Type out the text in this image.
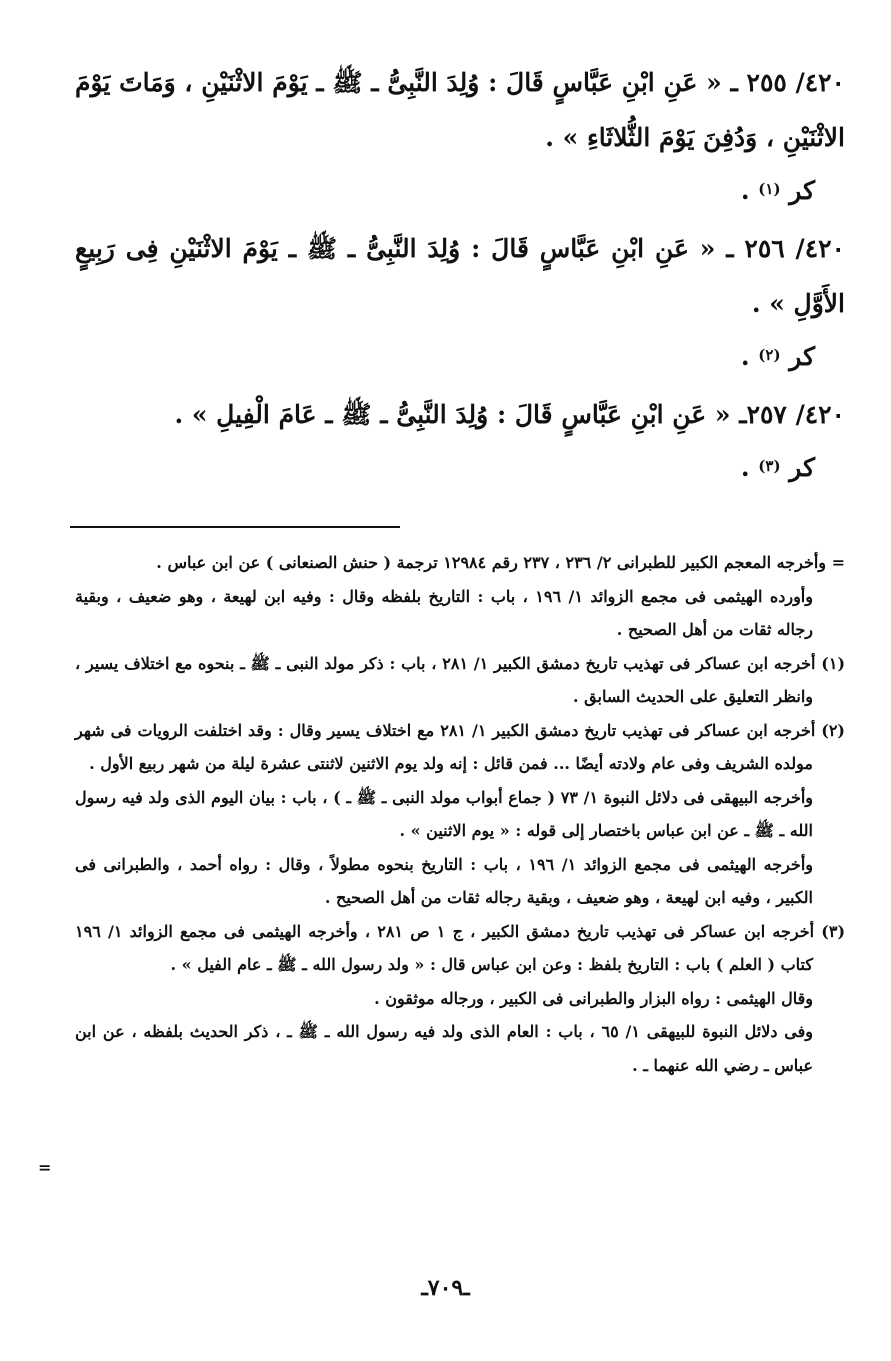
٤٢٠/ ٢٥٥ ـ « عَنِ ابْنِ عَبَّاسٍ قَالَ : وُلِدَ النَّبِىُّ ـ ﷺ ـ يَوْمَ الاثْنَيْنِ ، وَمَاتَ يَوْمَ الاثْنَيْنِ ، وَدُفِنَ يَوْمَ الثُّلاثَاءِ » .

كر $^{(١)}$ .

٤٢٠/ ٢٥٦ ـ « عَنِ ابْنِ عَبَّاسٍ قَالَ : وُلِدَ النَّبِىُّ ـ ﷺ ـ يَوْمَ الاثْنَيْنِ فِى رَبِيعٍ الأَوَّلِ » .

كر $^{(٢)}$ .

٤٢٠/ ٢٥٧ـ « عَنِ ابْنِ عَبَّاسٍ قَالَ : وُلِدَ النَّبِىُّ ـ ﷺ ـ عَامَ الْفِيلِ » .

كر $^{(٣)}$ .

= وأخرجه المعجم الكبير للطبرانى ٢/ ٢٣٦ ، ٢٣٧ رقم ١٢٩٨٤ ترجمة ( حنش الصنعانى ) عن ابن عباس .

وأورده الهيثمى فى مجمع الزوائد ١/ ١٩٦ ، باب : التاريخ بلفظه وقال : وفيه ابن لهيعة ، وهو ضعيف ، وبقية رجاله ثقات من أهل الصحيح .

(١) أخرجه ابن عساكر فى تهذيب تاريخ دمشق الكبير ١/ ٢٨١ ، باب : ذكر مولد النبى ـ ﷺ ـ بنحوه مع اختلاف يسير ، وانظر التعليق على الحديث السابق .

(٢) أخرجه ابن عساكر فى تهذيب تاريخ دمشق الكبير ١/ ٢٨١ مع اختلاف يسير وقال : وقد اختلفت الرويات فى شهر مولده الشريف وفى عام ولادته أيضًا ... فمن قائل : إنه ولد يوم الاثنين لاثنتى عشرة ليلة من شهر ربيع الأول .

وأخرجه البيهقى فى دلائل النبوة ١/ ٧٣ ( جماع أبواب مولد النبى ـ ﷺ ـ ) ، باب : بيان اليوم الذى ولد فيه رسول الله ـ ﷺ ـ عن ابن عباس باختصار إلى قوله : « يوم الاثنين » .

وأخرجه الهيثمى فى مجمع الزوائد ١/ ١٩٦ ، باب : التاريخ بنحوه مطولاً ، وقال : رواه أحمد ، والطبرانى فى الكبير ، وفيه ابن لهيعة ، وهو ضعيف ، وبقية رجاله ثقات من أهل الصحيح .

(٣) أخرجه ابن عساكر فى تهذيب تاريخ دمشق الكبير ، ج ١ ص ٢٨١ ، وأخرجه الهيثمى فى مجمع الزوائد ١/ ١٩٦ كتاب ( العلم ) باب : التاريخ بلفظ : وعن ابن عباس قال : « ولد رسول الله ـ ﷺ ـ عام الفيل » .

وقال الهيثمى : رواه البزار والطبرانى فى الكبير ، ورجاله موثقون .

وفى دلائل النبوة للبيهقى ١/ ٦٥ ، باب : العام الذى ولد فيه رسول الله ـ ﷺ ـ ، ذكر الحديث بلفظه ، عن ابن عباس ـ رضي الله عنهما ـ .

=
ـ٧٠٩ـ
